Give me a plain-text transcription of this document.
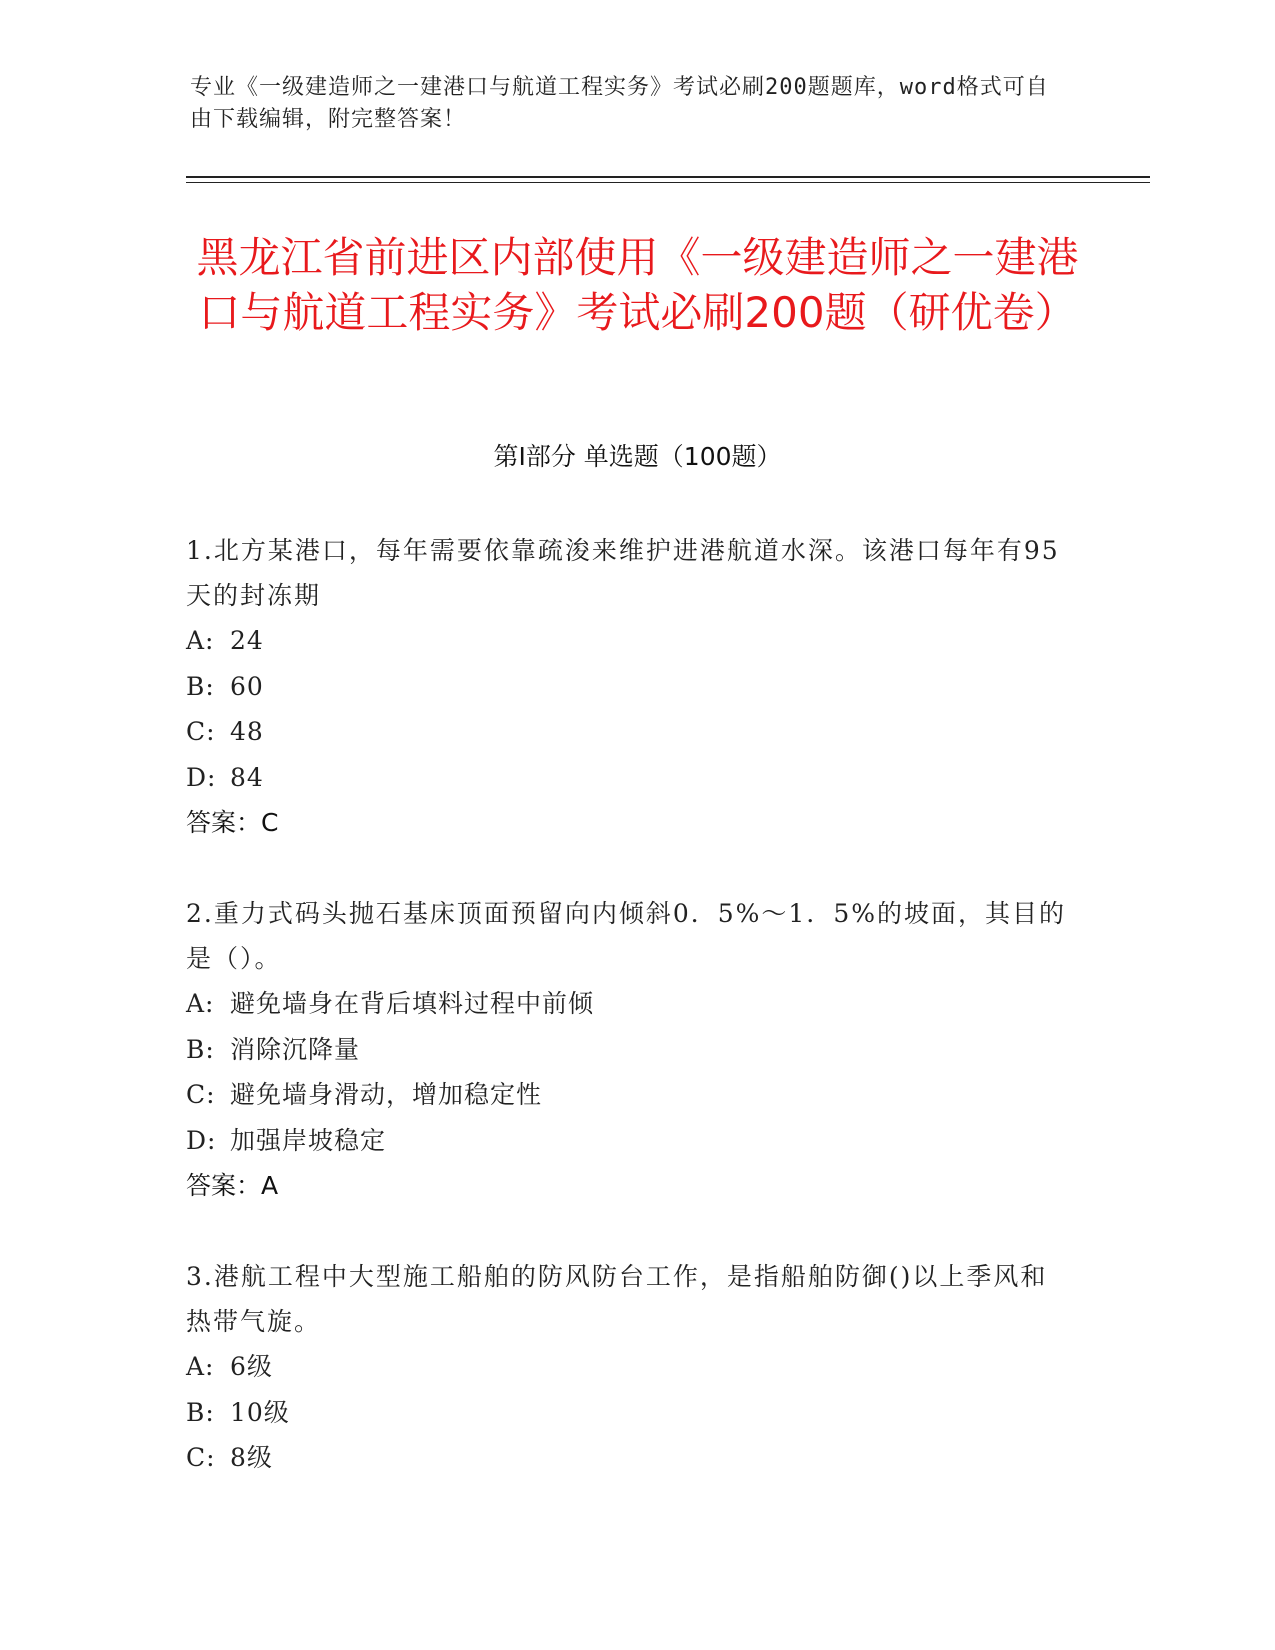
专业《一级建造师之一建港口与航道工程实务》考试必刷200题题库，word格式可自由下载编辑，附完整答案！
黑龙江省前进区内部使用《一级建造师之一建港口与航道工程实务》考试必刷200题（研优卷）
第Ⅰ部分 单选题（100题）
1.北方某港口，每年需要依靠疏浚来维护进港航道水深。该港口每年有95天的封冻期
A: 24
B: 60
C: 48
D: 84
答案：C
2.重力式码头抛石基床顶面预留向内倾斜0．5%～1．5%的坡面，其目的是（）。
A: 避免墙身在背后填料过程中前倾
B: 消除沉降量
C: 避免墙身滑动，增加稳定性
D: 加强岸坡稳定
答案：A
3.港航工程中大型施工船舶的防风防台工作，是指船舶防御()以上季风和热带气旋。
A: 6级
B: 10级
C: 8级
